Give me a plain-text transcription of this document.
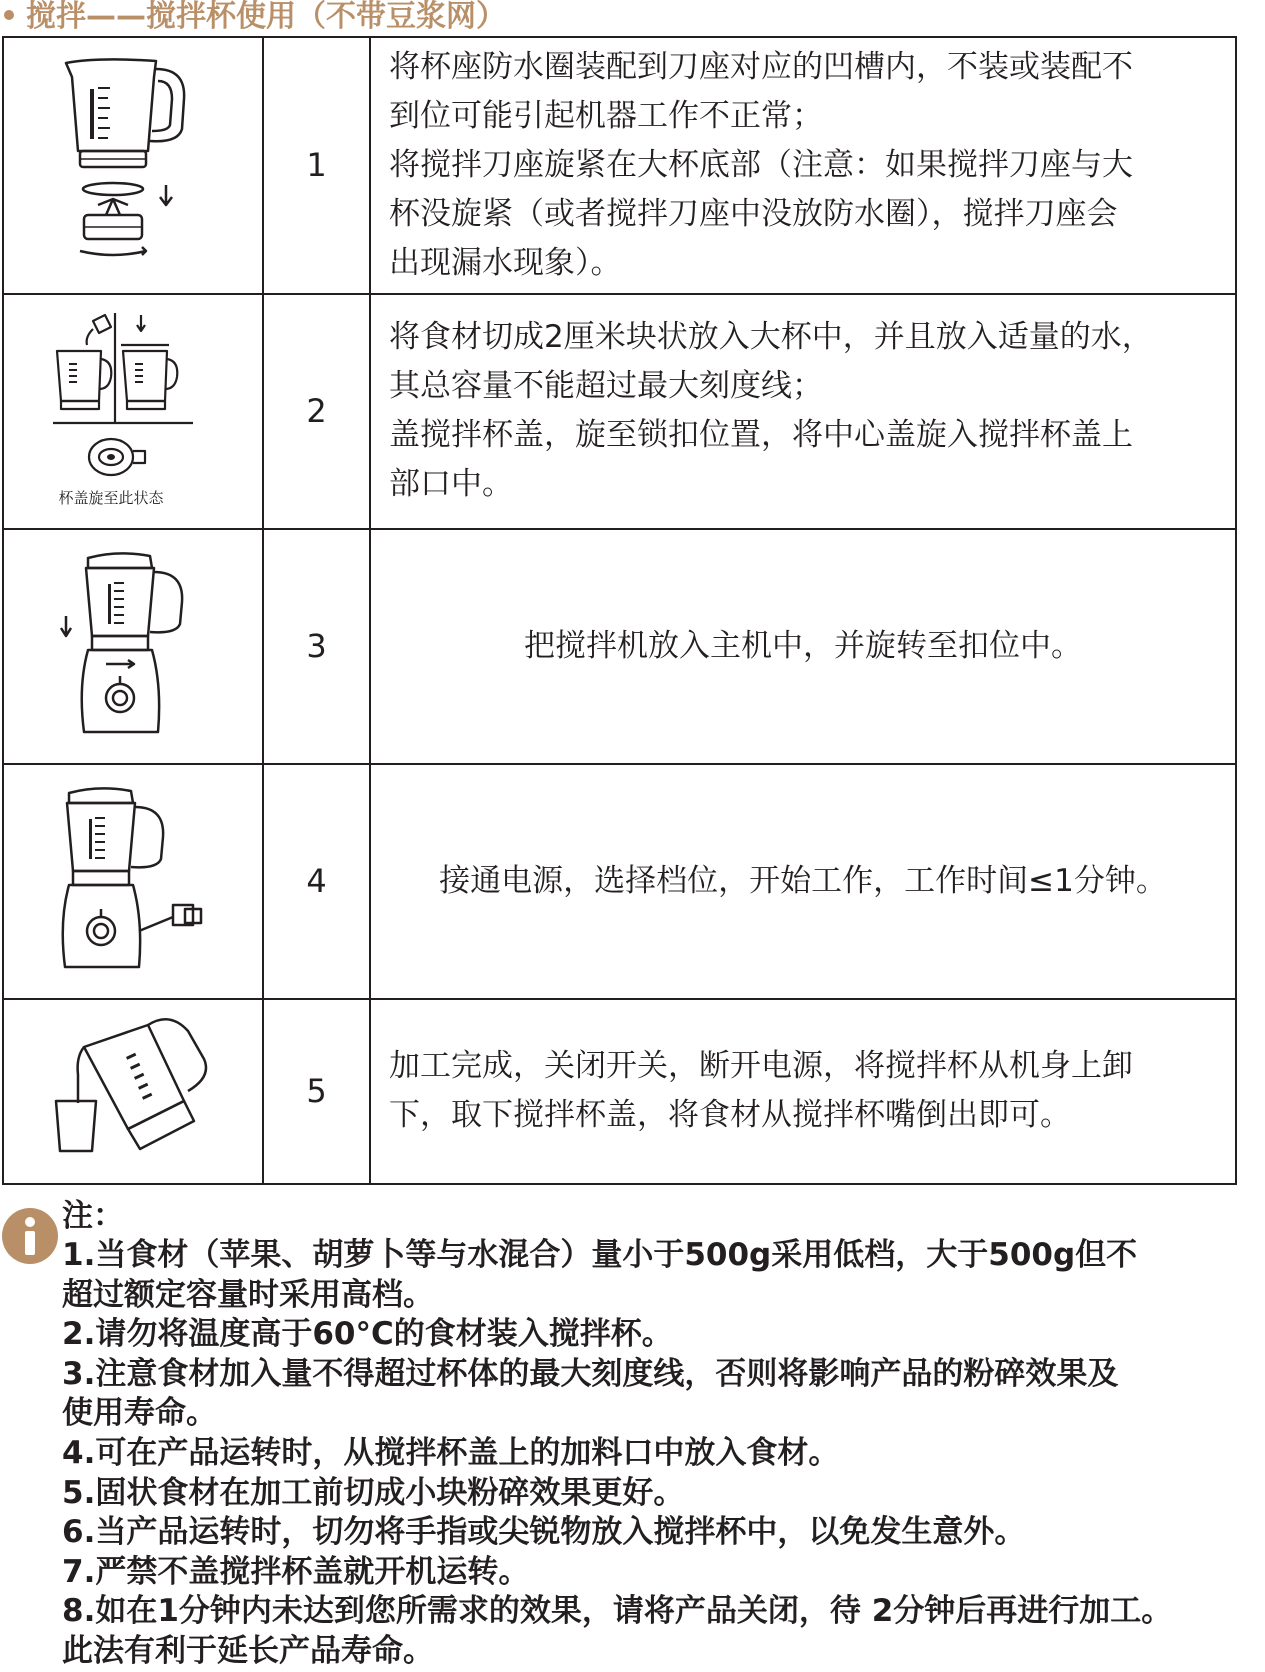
搅拌——搅拌杯使用（不带豆浆网）
	1	将杯座防水圈装配到刀座对应的凹槽内，不装或装配不
到位可能引起机器工作不正常；
将搅拌刀座旋紧在大杯底部（注意：如果搅拌刀座与大
杯没旋紧（或者搅拌刀座中没放防水圈），搅拌刀座会
出现漏水现象）。

杯盖旋至此状态	2	将食材切成2厘米块状放入大杯中，并且放入适量的水，
其总容量不能超过最大刻度线；
盖搅拌杯盖，旋至锁扣位置，将中心盖旋入搅拌杯盖上
部口中。

	3	把搅拌机放入主机中，并旋转至扣位中。

	4	接通电源，选择档位，开始工作，工作时间≤1分钟。

	5	加工完成，关闭开关，断开电源，将搅拌杯从机身上卸
下，取下搅拌杯盖，将食材从搅拌杯嘴倒出即可。
注：
1.当食材（苹果、胡萝卜等与水混合）量小于500g采用低档，大于500g但不
超过额定容量时采用高档。
2.请勿将温度高于60°C的食材装入搅拌杯。
3.注意食材加入量不得超过杯体的最大刻度线，否则将影响产品的粉碎效果及
使用寿命。
4.可在产品运转时，从搅拌杯盖上的加料口中放入食材。
5.固状食材在加工前切成小块粉碎效果更好。
6.当产品运转时，切勿将手指或尖锐物放入搅拌杯中，以免发生意外。
7.严禁不盖搅拌杯盖就开机运转。
8.如在1分钟内未达到您所需求的效果，请将产品关闭，待 2分钟后再进行加工。
此法有利于延长产品寿命。
